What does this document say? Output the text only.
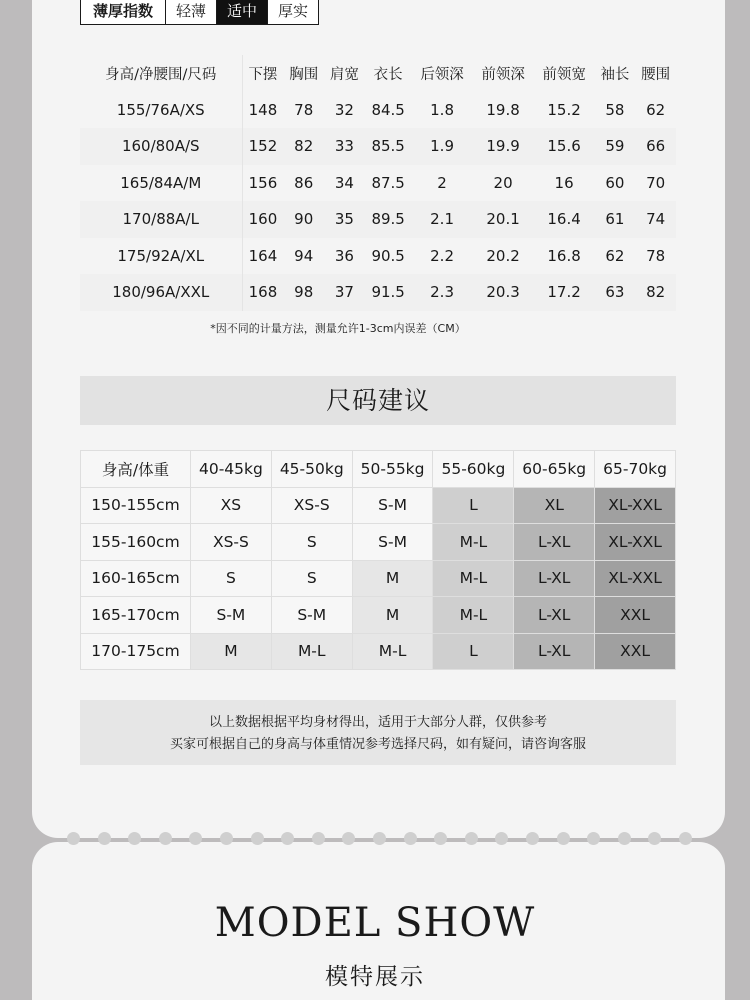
薄厚指数	轻薄	适中	厚实
身高/净腰围/尺码	下摆	胸围	肩宽	衣长	后领深	前领深	前领宽	袖长	腰围
155/76A/XS	148	78	32	84.5	1.8	19.8	15.2	58	62
160/80A/S	152	82	33	85.5	1.9	19.9	15.6	59	66
165/84A/M	156	86	34	87.5	2	20	16	60	70
170/88A/L	160	90	35	89.5	2.1	20.1	16.4	61	74
175/92A/XL	164	94	36	90.5	2.2	20.2	16.8	62	78
180/96A/XXL	168	98	37	91.5	2.3	20.3	17.2	63	82
*因不同的计量方法，测量允许1-3cm内误差（CM）
尺码建议
身高/体重	40-45kg	45-50kg	50-55kg	55-60kg	60-65kg	65-70kg
150-155cm	XS	XS-S	S-M	L	XL	XL-XXL
155-160cm	XS-S	S	S-M	M-L	L-XL	XL-XXL
160-165cm	S	S	M	M-L	L-XL	XL-XXL
165-170cm	S-M	S-M	M	M-L	L-XL	XXL
170-175cm	M	M-L	M-L	L	L-XL	XXL
以上数据根据平均身材得出，适用于大部分人群，仅供参考
买家可根据自己的身高与体重情况参考选择尺码，如有疑问，请咨询客服
MODEL SHOW
模特展示
